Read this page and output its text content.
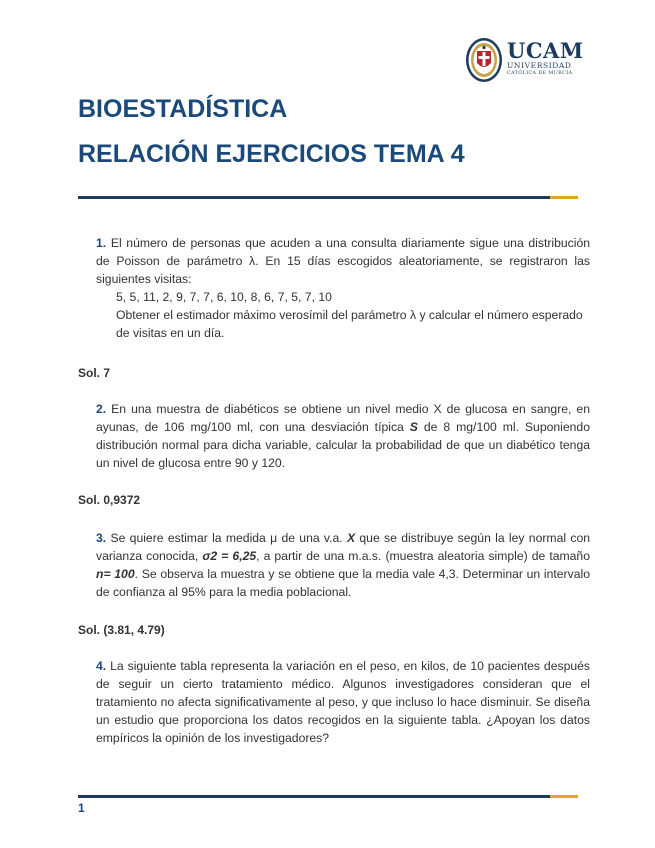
UCAM
UNIVERSIDAD
CATÓLICA DE MURCIA
BIOESTADÍSTICA
RELACIÓN EJERCICIOS TEMA 4
1. El número de personas que acuden a una consulta diariamente sigue una distribución de Poisson de parámetro λ. En 15 días escogidos aleatoriamente, se registraron las siguientes visitas:
5, 5, 11, 2, 9, 7, 7, 6, 10, 8, 6, 7, 5, 7, 10
Obtener el estimador máximo verosímil del parámetro λ y calcular el número esperado de visitas en un día.
Sol. 7
2. En una muestra de diabéticos se obtiene un nivel medio X de glucosa en sangre, en ayunas, de 106 mg/100 ml, con una desviación típica S de 8 mg/100 ml. Suponiendo distribución normal para dicha variable, calcular la probabilidad de que un diabético tenga un nivel de glucosa entre 90 y 120.
Sol. 0,9372
3. Se quiere estimar la medida μ de una v.a. X que se distribuye según la ley normal con varianza conocida, σ2 = 6,25, a partir de una m.a.s. (muestra aleatoria simple) de tamaño n= 100. Se observa la muestra y se obtiene que la media vale 4,3. Determinar un intervalo de confianza al 95% para la media poblacional.
Sol. (3.81, 4.79)
4. La siguiente tabla representa la variación en el peso, en kilos, de 10 pacientes después de seguir un cierto tratamiento médico. Algunos investigadores consideran que el tratamiento no afecta significativamente al peso, y que incluso lo hace disminuir. Se diseña un estudio que proporciona los datos recogidos en la siguiente tabla. ¿Apoyan los datos empíricos la opinión de los investigadores?
1
